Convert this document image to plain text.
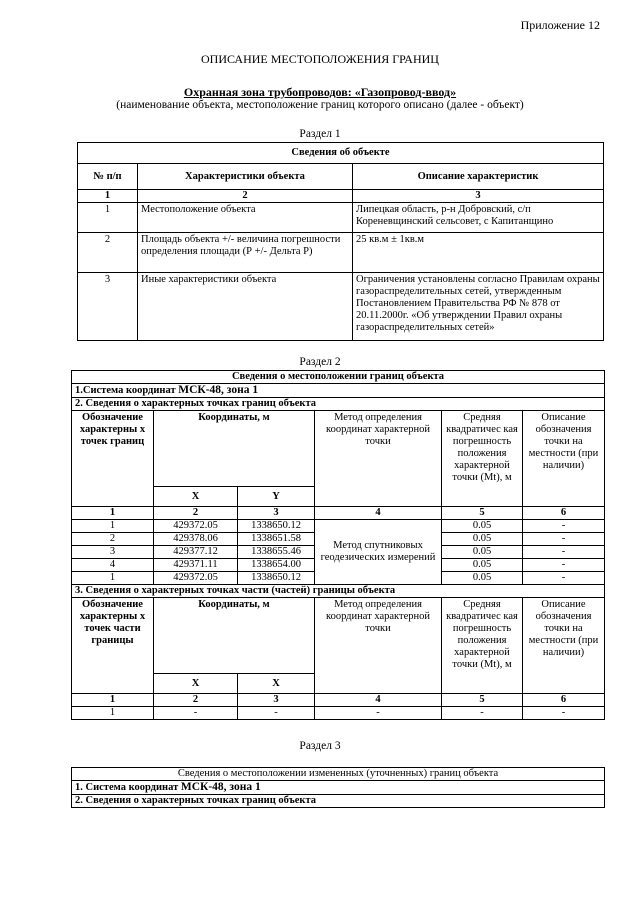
Приложение 12
ОПИСАНИЕ МЕСТОПОЛОЖЕНИЯ ГРАНИЦ
Охранная зона трубопроводов: «Газопровод-ввод»
(наименование объекта, местоположение границ которого описано (далее - объект)
Раздел 1
Сведения об объекте		
№ п/п	Характеристики объекта	Описание характеристик
1	2	3
1	Местоположение объекта	Липецкая область, р-н Добровский, с/п Кореневщинский сельсовет, с Капитанщино
2	Площадь объекта +/- величина погрешности определения площади (Р +/- Дельта Р)	25 кв.м ± 1кв.м
3	Иные характеристики объекта	Ограничения установлены согласно Правилам охраны газораспределительных сетей, утвержденным Постановлением Правительства РФ № 878 от 20.11.2000г. «Об утверждении Правил охраны газораспределительных сетей»
Раздел 2
Сведения о местоположении границ объекта					
1.Система координат МСК-48, зона 1					
2. Сведения о характерных точках границ объекта					
Обозначение характерны х точек границ	Координаты, м		Метод определения координат характерной точки	Средняя квадратичес кая погрешность положения характерной точки (Mt), м	Описание обозначения точки на местности (при наличии)
	X	Y			
1	2	3	4	5	6
1	429372.05	1338650.12	Метод спутниковых геодезических измерений	0.05	-
2	429378.06	1338651.58		0.05	-
3	429377.12	1338655.46		0.05	-
4	429371.11	1338654.00		0.05	-
1	429372.05	1338650.12		0.05	-
3. Сведения о характерных точках части (частей) границы объекта					
Обозначение характерны х точек части границы	Координаты, м		Метод определения координат характерной точки	Средняя квадратичес кая погрешность положения характерной точки (Mt), м	Описание обозначения точки на местности (при наличии)
	X	X			
1	2	3	4	5	6
1	-	-	-	-	-
Раздел 3
Сведения о местоположении измененных (уточненных) границ объекта
1. Система координат МСК-48, зона 1
2. Сведения о характерных точках границ объекта
